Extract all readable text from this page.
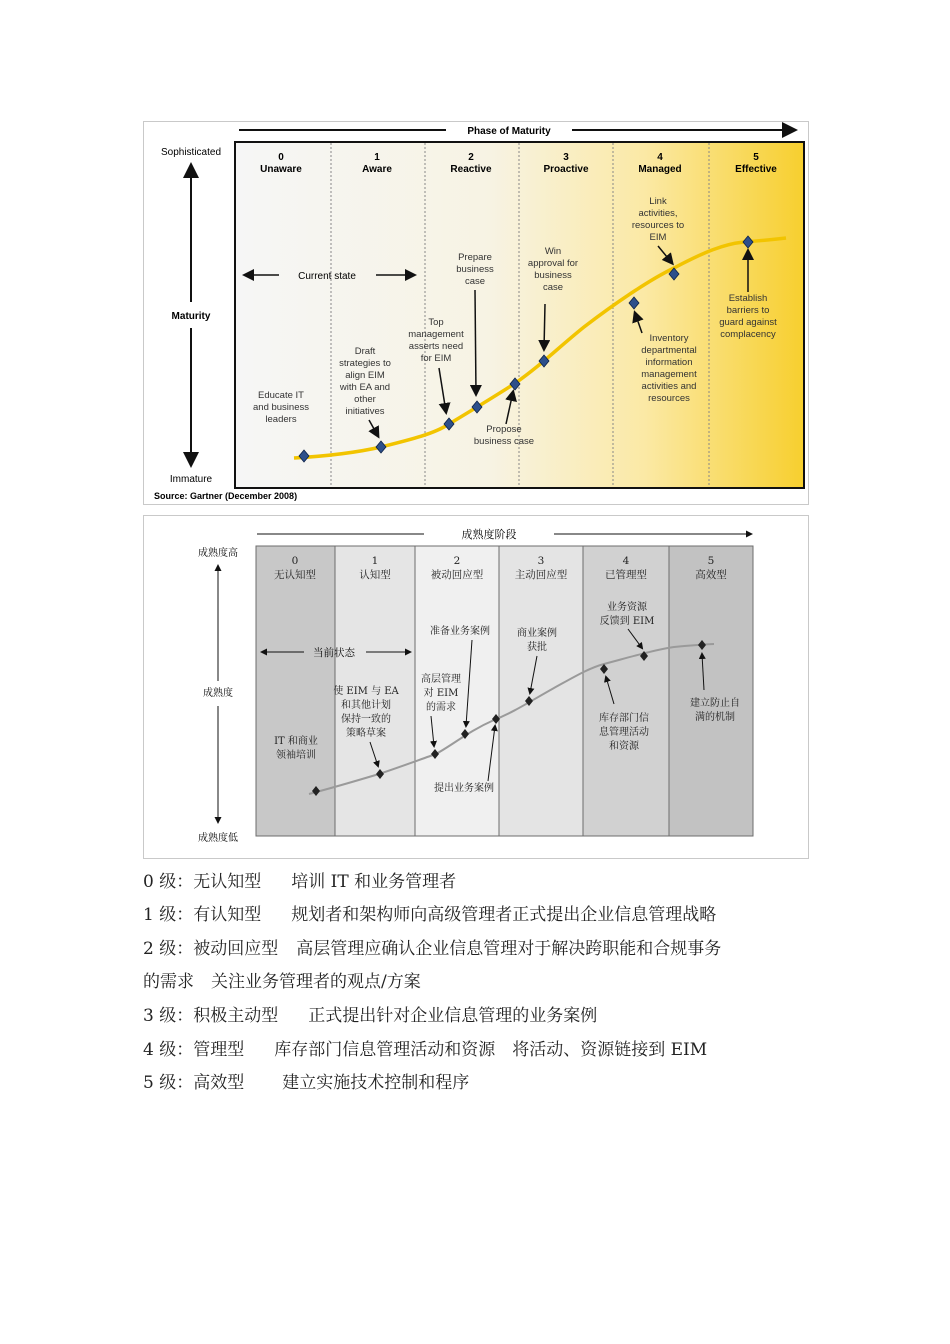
Phase of Maturity
Sophisticated
Maturity
Immature
0
Unaware
1
Aware
2
Reactive
3
Proactive
4
Managed
5
Effective
Current state
Educate IT
and business
leaders
Draft
strategies to
align EIM
with EA and
other
initiatives
Top
management
asserts need
for EIM
Prepare
business
case
Propose
business case
Win
approval for
business
case
Inventory
departmental
information
management
activities and
resources
Link
activities,
resources to
EIM
Establish
barriers to
guard against
complacency
Source: Gartner (December 2008)
成熟度阶段
成熟度高
成熟度
成熟度低
0
无认知型
1
认知型
2
被动回应型
3
主动回应型
4
已管理型
5
高效型
当前状态
IT 和商业
领袖培训
使 EIM 与 EA
和其他计划
保持一致的
策略草案
高层管理
对 EIM
的需求
准备业务案例
提出业务案例
商业案例
获批
库存部门信
息管理活动
和资源
业务资源
反馈到 EIM
建立防止自
满的机制
0 级：无认知型 培训 IT 和业务管理者
1 级：有认知型 规划者和架构师向高级管理者正式提出企业信息管理战略
2 级：被动回应型 高层管理应确认企业信息管理对于解决跨职能和合规事务
的需求　关注业务管理者的观点/方案
3 级：积极主动型 正式提出针对企业信息管理的业务案例
4 级：管理型 库存部门信息管理活动和资源　将活动、资源链接到 EIM
5 级：高效型 建立实施技术控制和程序
